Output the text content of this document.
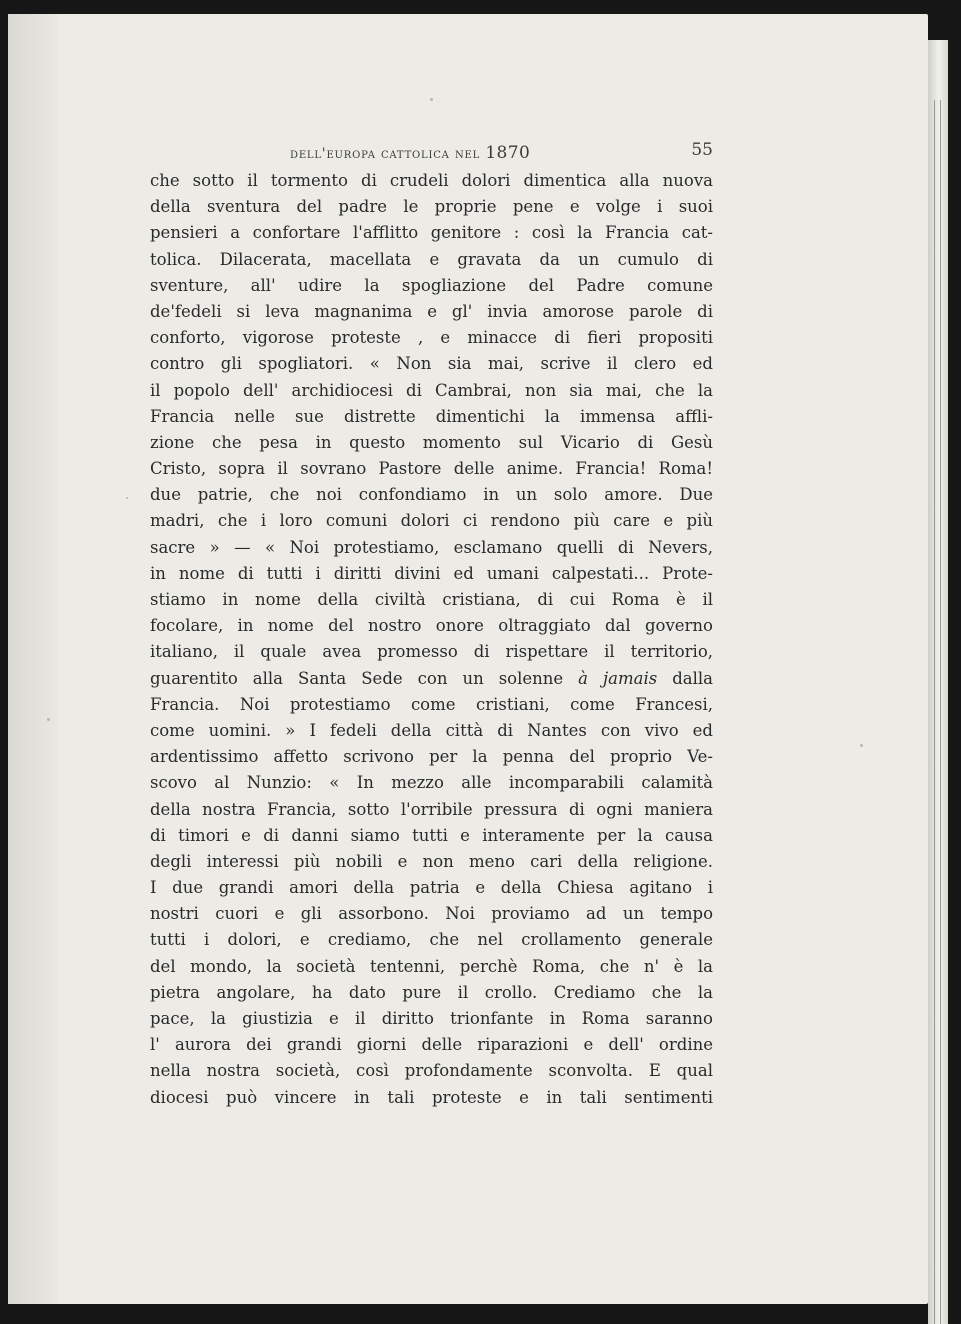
dell'europa cattolica nel 1870	55
che sotto il tormento di crudeli dolori dimentica alla nuova
della sventura del padre le proprie pene e volge i suoi
pensieri a confortare l'afflitto genitore : così la Francia cat-
tolica. Dilacerata, macellata e gravata da un cumulo di
sventure, all' udire la spogliazione del Padre comune
de'fedeli si leva magnanima e gl' invia amorose parole di
conforto, vigorose proteste , e minacce di fieri propositi
contro gli spogliatori. « Non sia mai, scrive il clero ed
il popolo dell' archidiocesi di Cambrai, non sia mai, che la
Francia nelle sue distrette dimentichi la immensa affli-
zione che pesa in questo momento sul Vicario di Gesù
Cristo, sopra il sovrano Pastore delle anime. Francia! Roma!
due patrie, che noi confondiamo in un solo amore. Due
madri, che i loro comuni dolori ci rendono più care e più
sacre » — « Noi protestiamo, esclamano quelli di Nevers,
in nome di tutti i diritti divini ed umani calpestati... Prote-
stiamo in nome della civiltà cristiana, di cui Roma è il
focolare, in nome del nostro onore oltraggiato dal governo
italiano, il quale avea promesso di rispettare il territorio,
guarentito alla Santa Sede con un solenne à jamais dalla
Francia. Noi protestiamo come cristiani, come Francesi,
come uomini. » I fedeli della città di Nantes con vivo ed
ardentissimo affetto scrivono per la penna del proprio Ve-
scovo al Nunzio: « In mezzo alle incomparabili calamità
della nostra Francia, sotto l'orribile pressura di ogni maniera
di timori e di danni siamo tutti e interamente per la causa
degli interessi più nobili e non meno cari della religione.
I due grandi amori della patria e della Chiesa agitano i
nostri cuori e gli assorbono. Noi proviamo ad un tempo
tutti i dolori, e crediamo, che nel crollamento generale
del mondo, la società tentenni, perchè Roma, che n' è la
pietra angolare, ha dato pure il crollo. Crediamo che la
pace, la giustizia e il diritto trionfante in Roma saranno
l' aurora dei grandi giorni delle riparazioni e dell' ordine
nella nostra società, così profondamente sconvolta. E qual
diocesi può vincere in tali proteste e in tali sentimenti
